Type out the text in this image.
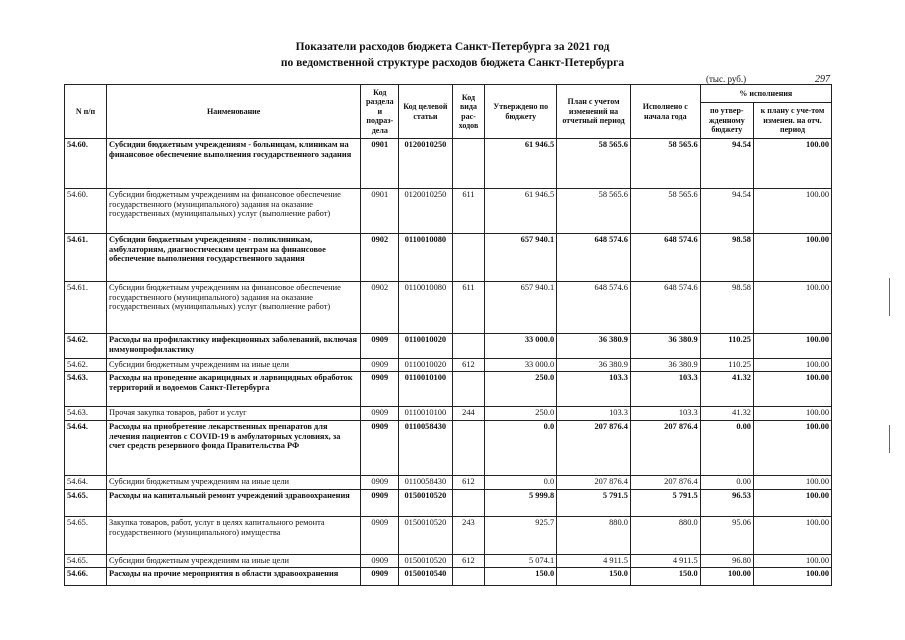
Показатели расходов бюджета Санкт-Петербурга за 2021 год
по ведомственной структуре расходов бюджета Санкт-Петербурга
(тыс. руб.)	297
N п/п	Наименование	Код раздела и подраз-дела	Код целевой статьи	Код вида рас-ходов	Утверждено по бюджету	План с учетом изменений на отчетный период	Исполнено с начала года	% исполнения	
								по утвер-жденному бюджету	к плану с уче-том изменен. на отч. период
54.60.	Субсидии бюджетным учреждениям - больницам, клиникам на финансовое обеспечение выполнения государственного задания	0901	0120010250		61 946.5	58 565.6	58 565.6	94.54	100.00
54.60.	Субсидии бюджетным учреждениям на финансовое обеспечение государственного (муниципального) задания на оказание государственных (муниципальных) услуг (выполнение работ)	0901	0120010250	611	61 946.5	58 565.6	58 565.6	94.54	100.00
54.61.	Субсидии бюджетным учреждениям - поликлиникам, амбулаториям, диагностическим центрам на финансовое обеспечение выполнения государственного задания	0902	0110010080		657 940.1	648 574.6	648 574.6	98.58	100.00
54.61.	Субсидии бюджетным учреждениям на финансовое обеспечение государственного (муниципального) задания на оказание государственных (муниципальных) услуг (выполнение работ)	0902	0110010080	611	657 940.1	648 574.6	648 574.6	98.58	100.00
54.62.	Расходы на профилактику инфекционных заболеваний, включая иммунопрофилактику	0909	0110010020		33 000.0	36 380.9	36 380.9	110.25	100.00
54.62.	Субсидии бюджетным учреждениям на иные цели	0909	0110010020	612	33 000.0	36 380.9	36 380.9	110.25	100.00
54.63.	Расходы на проведение акарицидных и ларвицидных обработок территорий и водоемов Санкт-Петербурга	0909	0110010100		250.0	103.3	103.3	41.32	100.00
54.63.	Прочая закупка товаров, работ и услуг	0909	0110010100	244	250.0	103.3	103.3	41.32	100.00
54.64.	Расходы на приобретение лекарственных препаратов для лечения пациентов с COVID-19 в амбулаторных условиях, за счет средств резервного фонда Правительства РФ	0909	0110058430		0.0	207 876.4	207 876.4	0.00	100.00
54.64.	Субсидии бюджетным учреждениям на иные цели	0909	0110058430	612	0.0	207 876.4	207 876.4	0.00	100.00
54.65.	Расходы на капитальный ремонт учреждений здравоохранения	0909	0150010520		5 999.8	5 791.5	5 791.5	96.53	100.00
54.65.	Закупка товаров, работ, услуг в целях капитального ремонта государственного (муниципального) имущества	0909	0150010520	243	925.7	880.0	880.0	95.06	100.00
54.65.	Субсидии бюджетным учреждениям на иные цели	0909	0150010520	612	5 074.1	4 911.5	4 911.5	96.80	100.00
54.66.	Расходы на прочие мероприятия в области здравоохранения	0909	0150010540		150.0	150.0	150.0	100.00	100.00
